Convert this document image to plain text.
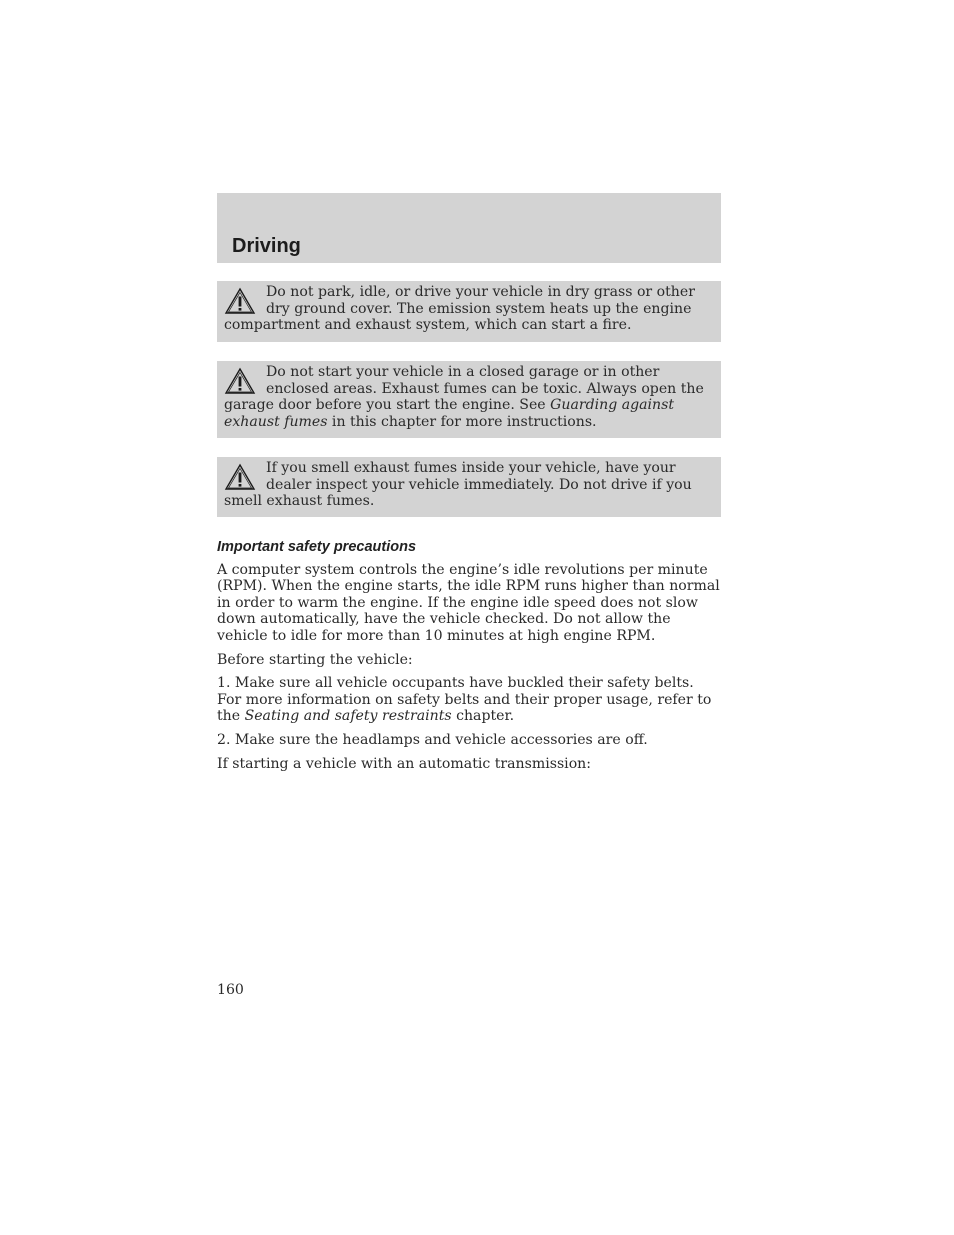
Driving

Do not park, idle, or drive your vehicle in dry grass or other dry ground cover. The emission system heats up the engine compartment and exhaust system, which can start a fire.

Do not start your vehicle in a closed garage or in other enclosed areas. Exhaust fumes can be toxic. Always open the garage door before you start the engine. See Guarding against exhaust fumes in this chapter for more instructions.

If you smell exhaust fumes inside your vehicle, have your dealer inspect your vehicle immediately. Do not drive if you smell exhaust fumes.

Important safety precautions

A computer system controls the engine’s idle revolutions per minute (RPM). When the engine starts, the idle RPM runs higher than normal in order to warm the engine. If the engine idle speed does not slow down automatically, have the vehicle checked. Do not allow the vehicle to idle for more than 10 minutes at high engine RPM.

Before starting the vehicle:

1. Make sure all vehicle occupants have buckled their safety belts. For more information on safety belts and their proper usage, refer to the Seating and safety restraints chapter.

2. Make sure the headlamps and vehicle accessories are off.

If starting a vehicle with an automatic transmission:

160
